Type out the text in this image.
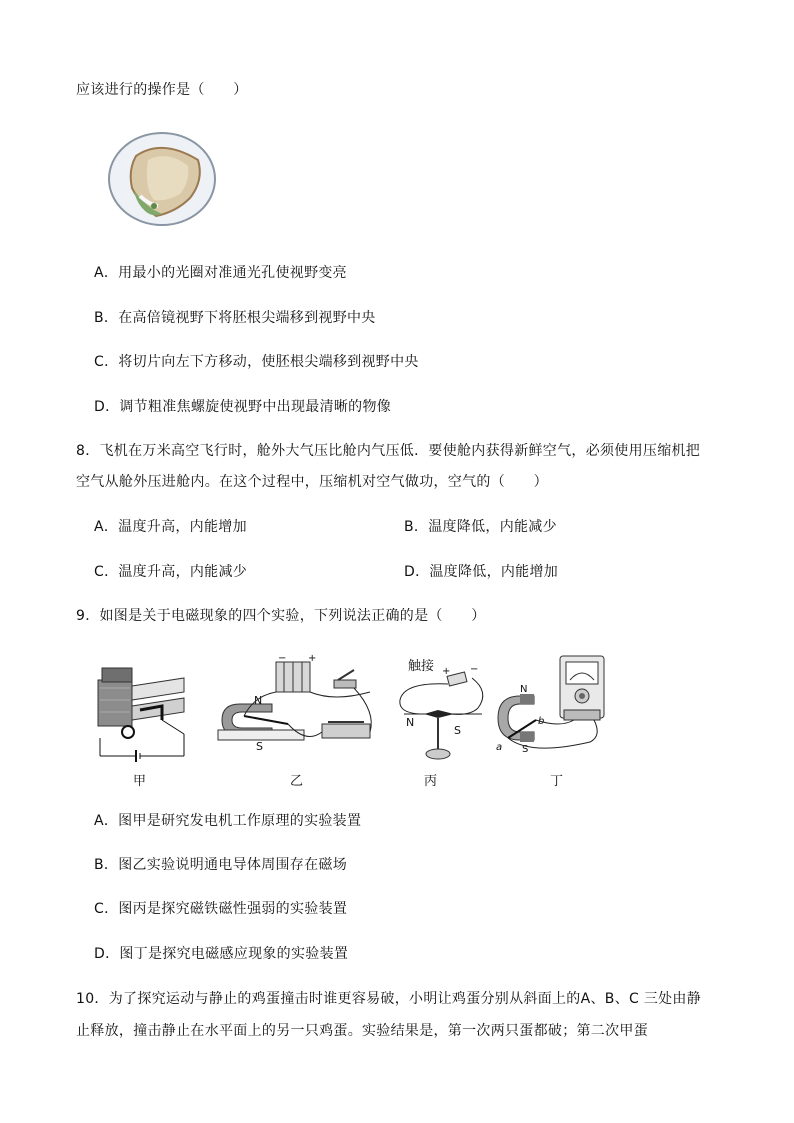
应该进行的操作是（　　）
A．用最小的光圈对准通光孔使视野变亮
B．在高倍镜视野下将胚根尖端移到视野中央
C．将切片向左下方移动，使胚根尖端移到视野中央
D．调节粗准焦螺旋使视野中出现最清晰的物像
8．飞机在万米高空飞行时，舱外大气压比舱内气压低．要使舱内获得新鲜空气，必须使用压缩机把
空气从舱外压进舱内。在这个过程中，压缩机对空气做功，空气的（　　）
A．温度升高，内能增加	B．温度降低，内能减少
C．温度升高，内能减少	D．温度降低，内能增加
9．如图是关于电磁现象的四个实验，下列说法正确的是（　　）
甲
− +
N
S
乙
触接 + −
N
S
丙
N
S
a
b
丁
A．图甲是研究发电机工作原理的实验装置
B．图乙实验说明通电导体周围存在磁场
C．图丙是探究磁铁磁性强弱的实验装置
D．图丁是探究电磁感应现象的实验装置
10．为了探究运动与静止的鸡蛋撞击时谁更容易破，小明让鸡蛋分别从斜面上的A、B、C 三处由静
止释放，撞击静止在水平面上的另一只鸡蛋。实验结果是，第一次两只蛋都破；第二次甲蛋
